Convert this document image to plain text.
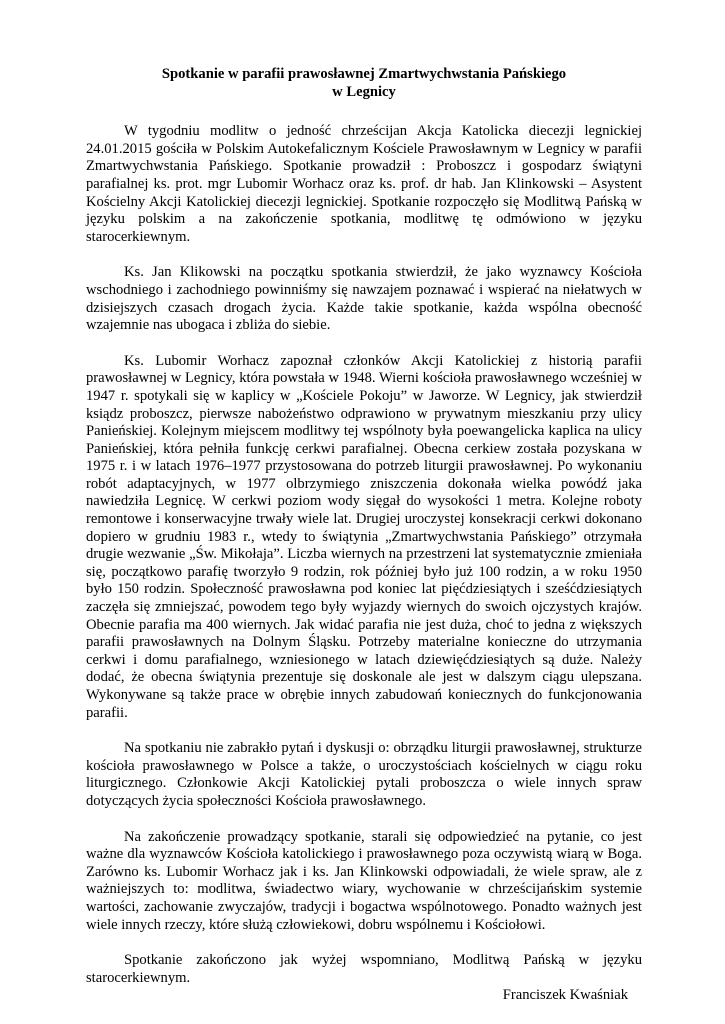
Spotkanie w parafii prawosławnej Zmartwychwstania Pańskiego
w Legnicy

W tygodniu modlitw o jedność chrześcijan Akcja Katolicka diecezji legnickiej 24.01.2015 gościła w Polskim Autokefalicznym Kościele Prawosławnym w Legnicy w parafii Zmartwychwstania Pańskiego. Spotkanie prowadził : Proboszcz i gospodarz świątyni parafialnej ks. prot. mgr Lubomir Worhacz oraz ks. prof. dr hab. Jan Klinkowski – Asystent Kościelny Akcji Katolickiej diecezji legnickiej. Spotkanie rozpoczęło się Modlitwą Pańską w języku polskim a na zakończenie spotkania, modlitwę tę odmówiono w języku starocerkiewnym.

Ks. Jan Klikowski na początku spotkania stwierdził, że jako wyznawcy Kościoła wschodniego i zachodniego powinniśmy się nawzajem poznawać i wspierać na niełatwych w dzisiejszych czasach drogach życia. Każde takie spotkanie, każda wspólna obecność wzajemnie nas ubogaca i zbliża do siebie.

Ks. Lubomir Worhacz zapoznał członków Akcji Katolickiej z historią parafii prawosławnej w Legnicy, która powstała w 1948. Wierni kościoła prawosławnego wcześniej w 1947 r. spotykali się w kaplicy w „Kościele Pokoju” w Jaworze. W Legnicy, jak stwierdził ksiądz proboszcz, pierwsze nabożeństwo odprawiono w prywatnym mieszkaniu przy ulicy Panieńskiej. Kolejnym miejscem modlitwy tej wspólnoty była poewangelicka kaplica na ulicy Panieńskiej, która pełniła funkcję cerkwi parafialnej. Obecna cerkiew została pozyskana w 1975 r. i w latach 1976–1977 przystosowana do potrzeb liturgii prawosławnej. Po wykonaniu robót adaptacyjnych, w 1977 olbrzymiego zniszczenia dokonała wielka powódź jaka nawiedziła Legnicę. W cerkwi poziom wody sięgał do wysokości 1 metra. Kolejne roboty remontowe i konserwacyjne trwały wiele lat. Drugiej uroczystej konsekracji cerkwi dokonano dopiero w grudniu 1983 r., wtedy to świątynia „Zmartwychwstania Pańskiego” otrzymała drugie wezwanie „Św. Mikołaja”. Liczba wiernych na przestrzeni lat systematycznie zmieniała się, początkowo parafię tworzyło 9 rodzin, rok później było już 100 rodzin, a w roku 1950 było 150 rodzin. Społeczność prawosławna pod koniec lat pięćdziesiątych i sześćdziesiątych zaczęła się zmniejszać, powodem tego były wyjazdy wiernych do swoich ojczystych krajów. Obecnie parafia ma 400 wiernych. Jak widać parafia nie jest duża, choć to jedna z większych parafii prawosławnych na Dolnym Śląsku. Potrzeby materialne konieczne do utrzymania cerkwi i domu parafialnego, wzniesionego w latach dziewięćdziesiątych są duże. Należy dodać, że obecna świątynia prezentuje się doskonale ale jest w dalszym ciągu ulepszana. Wykonywane są także prace w obrębie innych zabudowań koniecznych do funkcjonowania parafii.

Na spotkaniu nie zabrakło pytań i dyskusji o: obrządku liturgii prawosławnej, strukturze kościoła prawosławnego w Polsce a także, o uroczystościach kościelnych w ciągu roku liturgicznego. Członkowie Akcji Katolickiej pytali proboszcza o wiele innych spraw dotyczących życia społeczności Kościoła prawosławnego.

Na zakończenie prowadzący spotkanie, starali się odpowiedzieć na pytanie, co jest ważne dla wyznawców Kościoła katolickiego i prawosławnego poza oczywistą wiarą w Boga. Zarówno ks. Lubomir Worhacz jak i ks. Jan Klinkowski odpowiadali, że wiele spraw, ale z ważniejszych to: modlitwa, świadectwo wiary, wychowanie w chrześcijańskim systemie wartości, zachowanie zwyczajów, tradycji i bogactwa wspólnotowego. Ponadto ważnych jest wiele innych rzeczy, które służą człowiekowi, dobru wspólnemu i Kościołowi.

Spotkanie zakończono jak wyżej wspomniano, Modlitwą Pańską w języku starocerkiewnym.

Franciszek Kwaśniak
